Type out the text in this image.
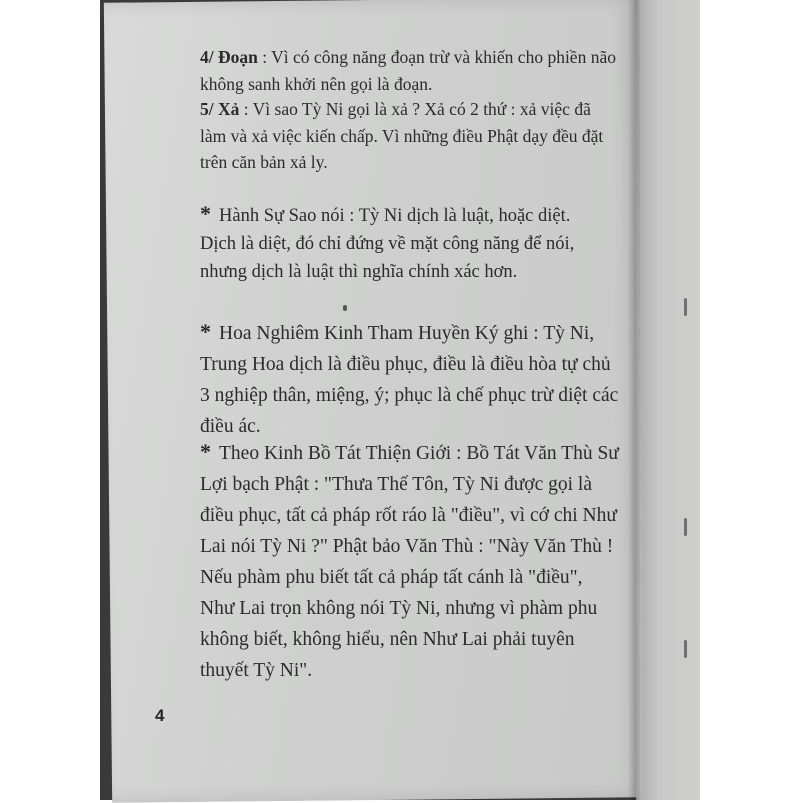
4/ Đoạn : Vì có công năng đoạn trừ và khiến cho phiền não không sanh khởi nên gọi là đoạn.

5/ Xả : Vì sao Tỳ Ni gọi là xả ? Xả có 2 thứ : xả việc đã làm và xả việc kiến chấp. Vì những điều Phật dạy đều đặt trên căn bản xả ly.

* Hành Sự Sao nói : Tỳ Ni dịch là luật, hoặc diệt. Dịch là diệt, đó chỉ đứng về mặt công năng để nói, nhưng dịch là luật thì nghĩa chính xác hơn.

* Hoa Nghiêm Kinh Tham Huyền Ký ghi : Tỳ Ni, Trung Hoa dịch là điều phục, điều là điều hòa tự chủ 3 nghiệp thân, miệng, ý; phục là chế phục trừ diệt các điều ác.

* Theo Kinh Bồ Tát Thiện Giới : Bồ Tát Văn Thù Sư Lợi bạch Phật : "Thưa Thế Tôn, Tỳ Ni được gọi là điều phục, tất cả pháp rốt ráo là "điều", vì cớ chi Như Lai nói Tỳ Ni ?" Phật bảo Văn Thù : "Này Văn Thù ! Nếu phàm phu biết tất cả pháp tất cánh là "điều", Như Lai trọn không nói Tỳ Ni, nhưng vì phàm phu không biết, không hiểu, nên Như Lai phải tuyên thuyết Tỳ Ni".

4
